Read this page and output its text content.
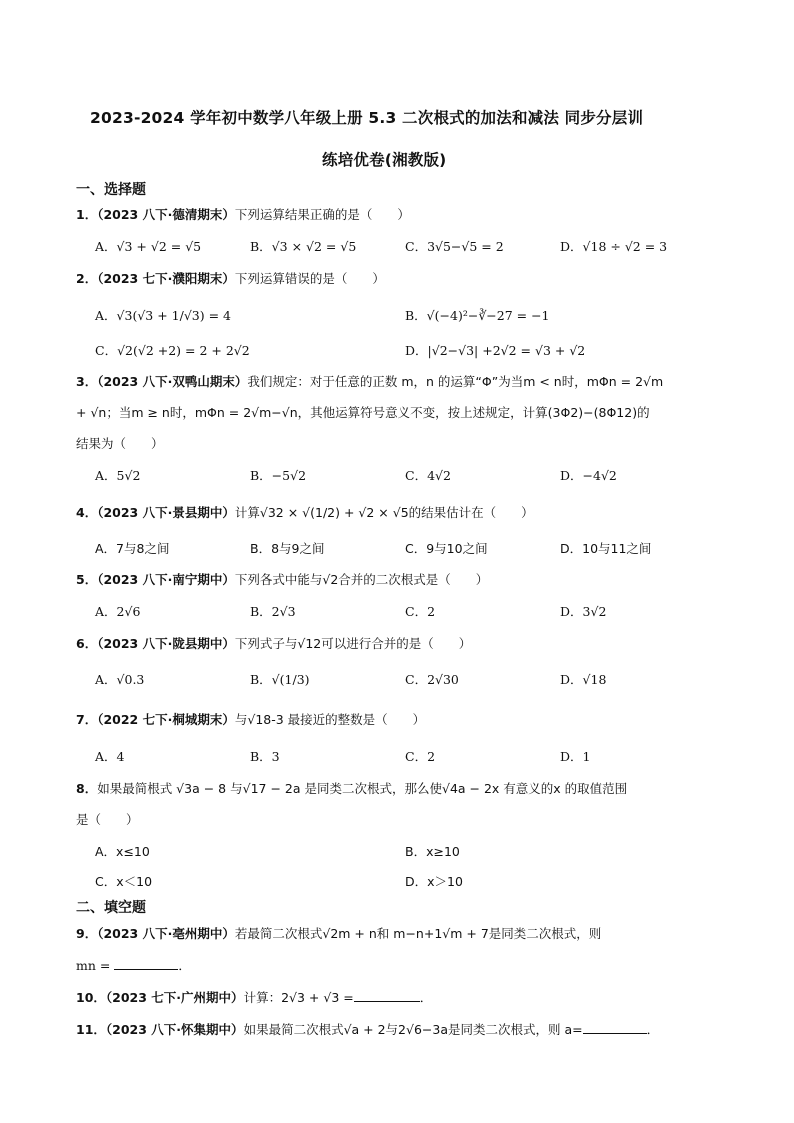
2023-2024 学年初中数学八年级上册 5.3 二次根式的加法和减法 同步分层训
练培优卷(湘教版)
一、选择题
1．（2023 八下·德清期末）下列运算结果正确的是（　　）
A．√3 + √2 = √5	B．√3 × √2 = √5	C．3√5−√5 = 2	D．√18 ÷ √2 = 3
2．（2023 七下·濮阳期末）下列运算错误的是（　　）
A．√3(√3 + 1/√3) = 4	B．√(−4)²−∛−27 = −1
C．√2(√2 +2) = 2 + 2√2	D．|√2−√3| +2√2 = √3 + √2
3．（2023 八下·双鸭山期末）我们规定：对于任意的正数 m，n 的运算“Φ”为当m < n时，mΦn = 2√m
+ √n；当m ≥ n时，mΦn = 2√m−√n，其他运算符号意义不变，按上述规定，计算(3Φ2)−(8Φ12)的
结果为（　　）
A．5√2	B．−5√2	C．4√2	D．−4√2
4．（2023 八下·景县期中）计算√32 × √(1/2) + √2 × √5的结果估计在（　　）
A．7与8之间	B．8与9之间	C．9与10之间	D．10与11之间
5．（2023 八下·南宁期中）下列各式中能与√2合并的二次根式是（　　）
A．2√6	B．2√3	C．2	D．3√2
6．（2023 八下·陇县期中）下列式子与√12可以进行合并的是（　　）
A．√0.3	B．√(1/3)	C．2√30	D．√18
7．（2022 七下·桐城期末）与√18-3 最接近的整数是（　　）
A．4	B．3	C．2	D．1
8．如果最简根式 √3a − 8 与√17 − 2a 是同类二次根式，那么使√4a − 2x 有意义的x 的取值范围
是（　　）
A．x≤10	B．x≥10
C．x＜10	D．x＞10
二、填空题
9．（2023 八下·亳州期中）若最简二次根式√2m + n和 m−n+1√m + 7是同类二次根式，则
mn =	．
10．（2023 七下·广州期中）计算：2√3 + √3 =	．
11．（2023 八下·怀集期中）如果最简二次根式√a + 2与2√6−3a是同类二次根式，则 a=	．
